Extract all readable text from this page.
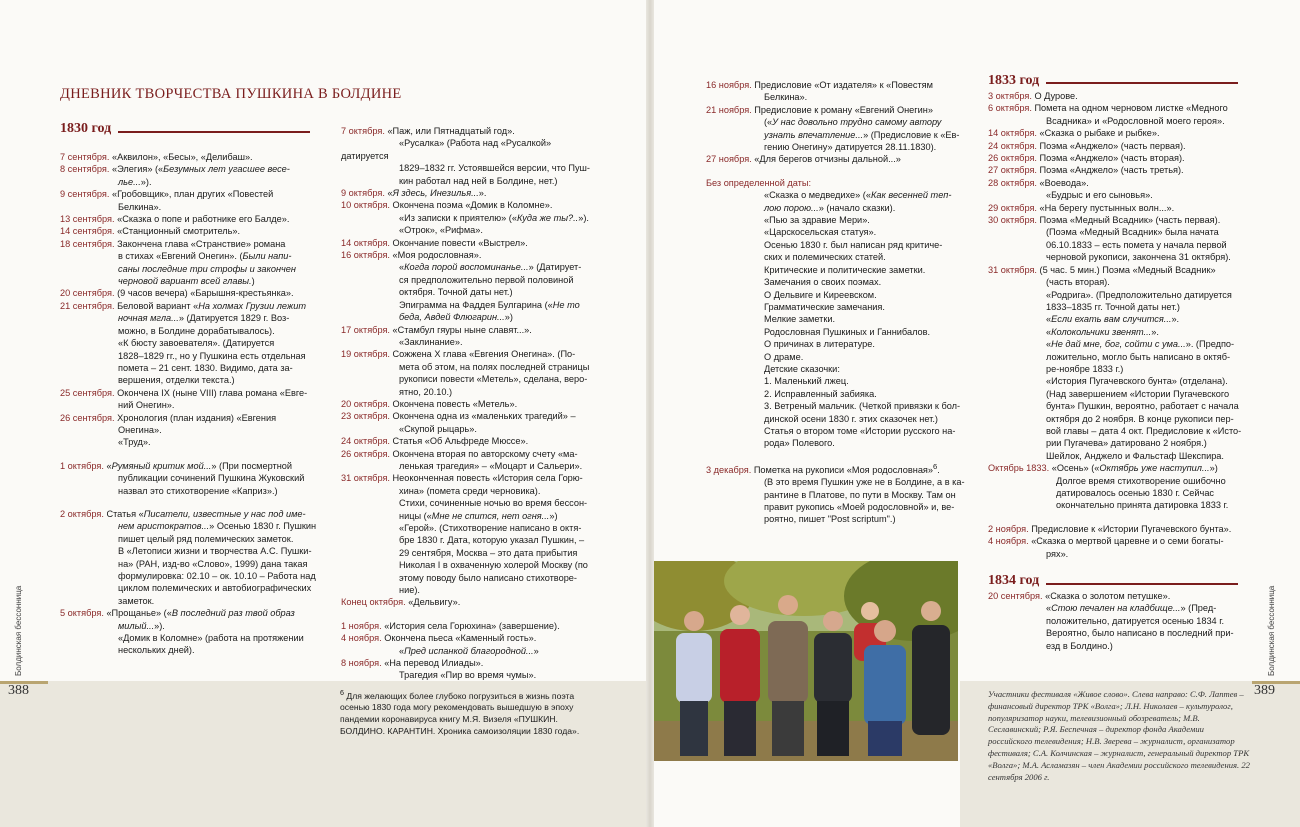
ДНЕВНИК ТВОРЧЕСТВА ПУШКИНА В БОЛДИНЕ
1830 год

7 сентября. «Аквилон», «Бесы», «Делибаш».

8 сентября. «Элегия» («Безумных лет угасшее весе-
лье...»).

9 сентября. «Гробовщик», план других «Повестей
Белкина».

13 сентября. «Сказка о попе и работнике его Балде».

14 сентября. «Станционный смотритель».

18 сентября. Закончена глава «Странствие» романа
в стихах «Евгений Онегин». (Были напи-
саны последние три строфы и закончен
черновой вариант всей главы.)

20 сентября. (9 часов вечера) «Барышня-крестьянка».

21 сентября. Беловой вариант «На холмах Грузии лежит
ночная мгла...» (Датируется 1829 г. Воз-
можно, в Болдине дорабатывалось).
«К бюсту завоевателя». (Датируется
1828–1829 гг., но у Пушкина есть отдельная
помета – 21 сент. 1830. Видимо, дата за-
вершения, отделки текста.)

25 сентября. Окончена IX (ныне VIII) глава романа «Евге-
ний Онегин».

26 сентября. Хронология (план издания) «Евгения
Онегина».
«Труд».

1 октября. «Румяный критик мой...» (При посмертной
публикации сочинений Пушкина Жуковский
назвал это стихотворение «Каприз».)

2 октября. Статья «Писатели, известные у нас под име-
нем аристократов...» Осенью 1830 г. Пушкин
пишет целый ряд полемических заметок.
В «Летописи жизни и творчества А.С. Пушки-
на» (РАН, изд-во «Слово», 1999) дана такая
формулировка: 02.10 – ок. 10.10 – Работа над
циклом полемических и автобиографических
заметок.

5 октября. «Прощанье» («В последний раз твой образ
милый...»).
«Домик в Коломне» (работа на протяжении
нескольких дней).

7 октября. «Паж, или Пятнадцатый год».
«Русалка» (Работа над «Русалкой» датируется
1829–1832 гг. Устоявшейся версии, что Пуш-
кин работал над ней в Болдине, нет.)

9 октября. «Я здесь, Инезилья...».

10 октября. Окончена поэма «Домик в Коломне».
«Из записки к приятелю» («Куда же ты?..»).
«Отрок», «Рифма».

14 октября. Окончание повести «Выстрел».

16 октября. «Моя родословная».
«Когда порой воспоминанье...» (Датирует-
ся предположительно первой половиной
октября. Точной даты нет.)
Эпиграмма на Фаддея Булгарина («Не то
беда, Авдей Флюгарин...»)

17 октября. «Стамбул гяуры ныне славят...».
«Заклинание».

19 октября. Сожжена X глава «Евгения Онегина». (По-
мета об этом, на полях последней страницы
рукописи повести «Метель», сделана, веро-
ятно, 20.10.)

20 октября. Окончена повесть «Метель».

23 октября. Окончена одна из «маленьких трагедий» –
«Скупой рыцарь».

24 октября. Статья «Об Альфреде Мюссе».

26 октября. Окончена вторая по авторскому счету «ма-
ленькая трагедия» – «Моцарт и Сальери».

31 октября. Неоконченная повесть «История села Горю-
хина» (помета среди черновика).
Стихи, сочиненные ночью во время бессон-
ницы («Мне не спится, нет огня...»)
«Герой». (Стихотворение написано в октя-
бре 1830 г. Дата, которую указал Пушкин, –
29 сентября, Москва – это дата прибытия
Николая I в охваченную холерой Москву (по
этому поводу было написано стихотворе-
ние).

Конец октября. «Дельвигу».

1 ноября. «История села Горюхина» (завершение).

4 ноября. Окончена пьеса «Каменный гость».
«Пред испанкой благородной...»

8 ноября. «На перевод Илиады».
Трагедия «Пир во время чумы».

Болдинская бессонница
388	$^6$ Для желающих более глубоко погрузиться в жизнь поэта осенью 1830 года могу рекомендовать вышедшую в эпоху пандемии коронавируса книгу М.Я. Визеля «ПУШКИН. БОЛДИНО. КАРАНТИН. Хроника самоизоляции 1830 года».

16 ноября. Предисловие «От издателя» к «Повестям
Белкина».

21 ноября. Предисловие к роману «Евгений Онегин»
(«У нас довольно трудно самому автору
узнать впечатление...» (Предисловие к «Ев-
гению Онегину» датируется 28.11.1830).

27 ноября. «Для берегов отчизны дальной...»

Без определенной даты:
«Сказка о медведихе» («Как весенней теп-
лою порою...» (начало сказки).
«Пью за здравие Мери».
«Царскосельская статуя».
Осенью 1830 г. был написан ряд критиче-
ских и полемических статей.
Критические и политические заметки.
Замечания о своих поэмах.
О Дельвиге и Киреевском.
Грамматические замечания.
Мелкие заметки.
Родословная Пушкиных и Ганнибалов.
О причинах в литературе.
О драме.
Детские сказочки:
1. Маленький лжец.
2. Исправленный забияка.
3. Ветреный мальчик. (Четкой привязки к бол-
динской осени 1830 г. этих сказочек нет.)
Статья о втором томе «Истории русского на-
рода» Полевого.

3 декабря. Пометка на рукописи «Моя родословная»$^6$.
(В это время Пушкин уже не в Болдине, а в ка-
рантине в Платове, по пути в Москву. Там он
правит рукопись «Моей родословной» и, ве-
роятно, пишет "Post scriptum".)

1833 год

3 октября. О Дурове.

6 октября. Помета на одном черновом листке «Медного
Всадника» и «Родословной моего героя».

14 октября. «Сказка о рыбаке и рыбке».

24 октября. Поэма «Анджело» (часть первая).

26 октября. Поэма «Анджело» (часть вторая).

27 октября. Поэма «Анджело» (часть третья).

28 октября. «Воевода».
«Будрыс и его сыновья».

29 октября. «На берегу пустынных волн...».

30 октября. Поэма «Медный Всадник» (часть первая).
(Поэма «Медный Всадник» была начата
06.10.1833 – есть помета у начала первой
черновой рукописи, закончена 31 октября).

31 октября. (5 час. 5 мин.) Поэма «Медный Всадник»
(часть вторая).
«Родрига». (Предположительно датируется
1833–1835 гг. Точной даты нет.)
«Если ехать вам случится...».
«Колокольчики звенят...».
«Не дай мне, бог, сойти с ума...». (Предпо-
ложительно, могло быть написано в октяб-
ре-ноябре 1833 г.)
«История Пугачевского бунта» (отделана).
(Над завершением «Истории Пугачевского
бунта» Пушкин, вероятно, работает с начала
октября до 2 ноября. В конце рукописи пер-
вой главы – дата 4 окт. Предисловие к «Исто-
рии Пугачева» датировано 2 ноября.)
Шейлок, Анджело и Фальстаф Шекспира.

Октябрь 1833. «Осень» («Октябрь уже наступил...»)
Долгое время стихотворение ошибочно
датировалось осенью 1830 г. Сейчас
окончательно принята датировка 1833 г.

2 ноября. Предисловие к «Истории Пугачевского бунта».

4 ноября. «Сказка о мертвой царевне и о семи богаты-
рях».

1834 год

20 сентября. «Сказка о золотом петушке».
«Стою печален на кладбище...» (Пред-
положительно, датируется осенью 1834 г.
Вероятно, было написано в последний при-
езд в Болдино.)

389
Болдинская бессонница
Участники фестиваля «Живое слово». Слева направо: С.Ф. Лаптев – финансовый директор ТРК «Волга»; Л.Н. Николаев – культуролог, популяризатор науки, телевизионный обозреватель; М.В. Сеславинский; Р.Я. Беспечная – директор фонда Академии российского телевидения; Н.В. Зверева – журналист, организатор фестиваля; С.А. Колчинская – журналист, генеральный директор ТРК «Волга»; М.А. Асламазян – член Академии российского телевидения. 22 сентября 2006 г.
